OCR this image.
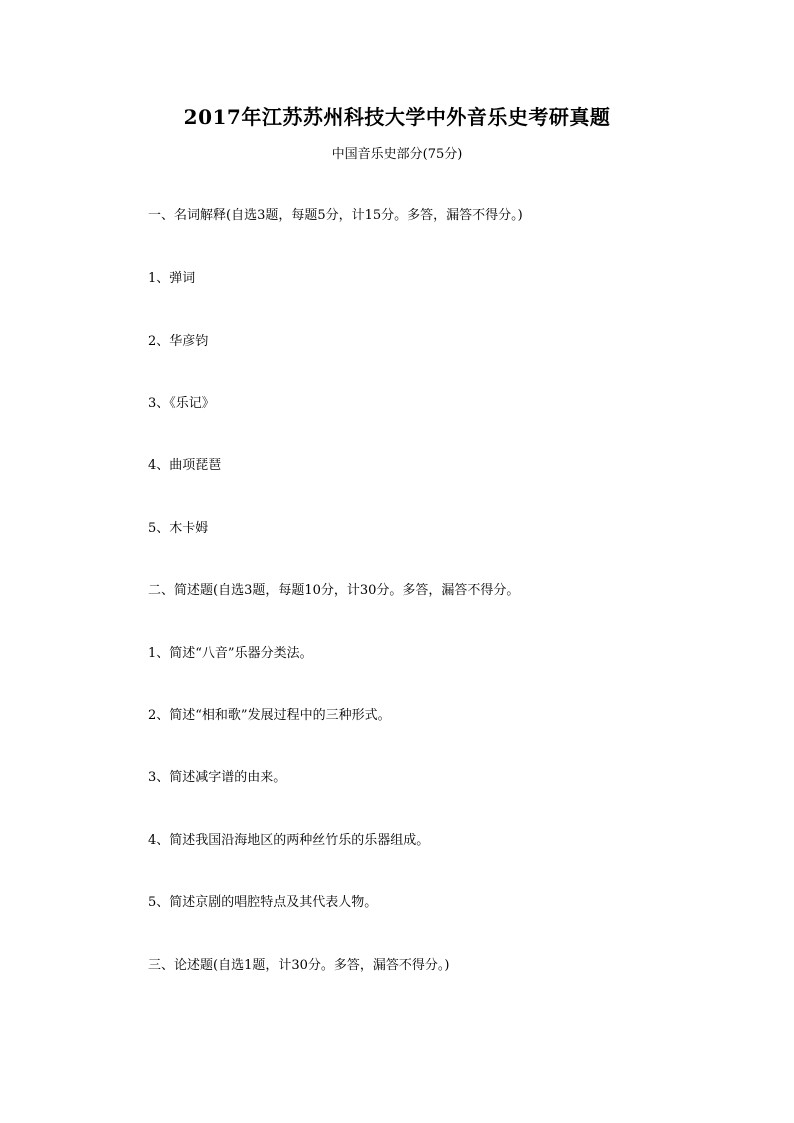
2017年江苏苏州科技大学中外音乐史考研真题
中国音乐史部分(75分)
一、名词解释(自选3题，每题5分，计15分。多答，漏答不得分。)
1、弹词
2、华彦钧
3、《乐记》
4、曲项琵琶
5、木卡姆
二、简述题(自选3题，每题10分，计30分。多答，漏答不得分。
1、简述“八音”乐器分类法。
2、简述“相和歌”发展过程中的三种形式。
3、简述减字谱的由来。
4、简述我国沿海地区的两种丝竹乐的乐器组成。
5、简述京剧的唱腔特点及其代表人物。
三、论述题(自选1题，计30分。多答，漏答不得分。)
